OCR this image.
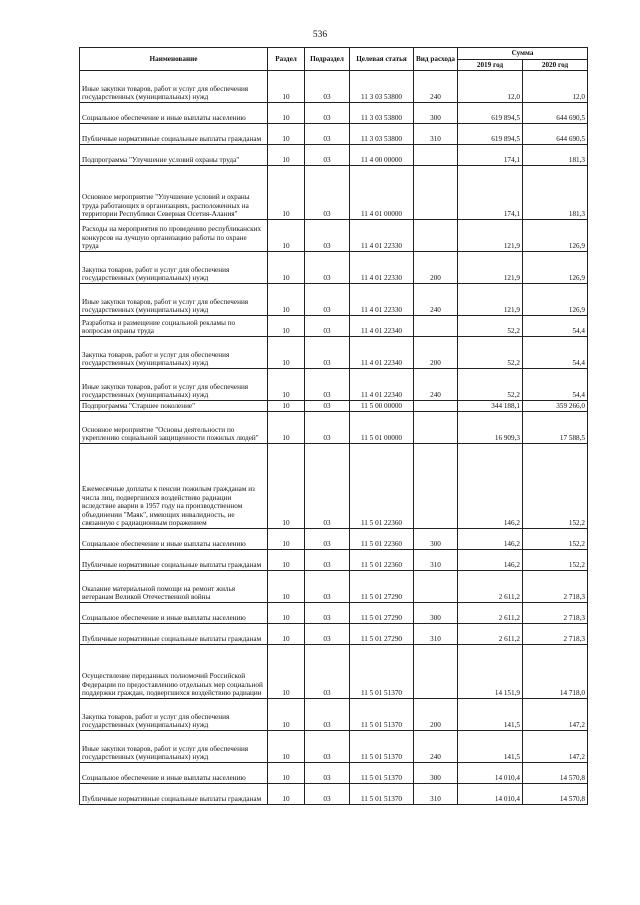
536
Наименование	Раздел	Подраздел	Целевая статья	Вид расхода	Сумма	
					2019 год	2020 год
Иные закупки товаров, работ и услуг для обеспечения государственных (муниципальных) нужд	10	03	11 3 03 53800	240	12,0	12,0
Социальное обеспечение и иные выплаты населению	10	03	11 3 03 53800	300	619 894,5	644 690,5
Публичные нормативные социальные выплаты гражданам	10	03	11 3 03 53800	310	619 894,5	644 690,5
Подпрограмма "Улучшение условий охраны труда"	10	03	11 4 00 00000		174,1	181,3
Основное мероприятие "Улучшение условий и охраны труда работающих в организациях, расположенных на территории Республики Северная Осетия-Алания"	10	03	11 4 01 00000		174,1	181,3
Расходы на мероприятия по проведению республиканских конкурсов на лучшую организацию работы по охране труда	10	03	11 4 01 22330		121,9	126,9
Закупка товаров, работ и услуг для обеспечения государственных (муниципальных) нужд	10	03	11 4 01 22330	200	121,9	126,9
Иные закупки товаров, работ и услуг для обеспечения государственных (муниципальных) нужд	10	03	11 4 01 22330	240	121,9	126,9
Разработка и размещение социальной рекламы по вопросам охраны труда	10	03	11 4 01 22340		52,2	54,4
Закупка товаров, работ и услуг для обеспечения государственных (муниципальных) нужд	10	03	11 4 01 22340	200	52,2	54,4
Иные закупки товаров, работ и услуг для обеспечения государственных (муниципальных) нужд	10	03	11 4 01 22340	240	52,2	54,4
Подпрограмма "Старшее поколение"	10	03	11 5 00 00000		344 188,1	359 266,0
Основное мероприятие "Основы деятельности по укреплению социальной защищенности пожилых людей"	10	03	11 5 01 00000		16 909,3	17 588,5
Ежемесячные доплаты к пенсии пожилым гражданам из числа лиц, подвергшихся воздействию радиации вследствие аварии в 1957 году на производственном объединении "Маяк", имеющих инвалидность, не связанную с радиационным поражением	10	03	11 5 01 22360		146,2	152,2
Социальное обеспечение и иные выплаты населению	10	03	11 5 01 22360	300	146,2	152,2
Публичные нормативные социальные выплаты гражданам	10	03	11 5 01 22360	310	146,2	152,2
Оказание материальной помощи на ремонт жилья ветеранам Великой Отечественной войны	10	03	11 5 01 27290		2 611,2	2 718,3
Социальное обеспечение и иные выплаты населению	10	03	11 5 01 27290	300	2 611,2	2 718,3
Публичные нормативные социальные выплаты гражданам	10	03	11 5 01 27290	310	2 611,2	2 718,3
Осуществление переданных полномочий Российской Федерации по предоставлению отдельных мер социальной поддержки граждан, подвергшихся воздействию радиации	10	03	11 5 01 51370		14 151,9	14 718,0
Закупка товаров, работ и услуг для обеспечения государственных (муниципальных) нужд	10	03	11 5 01 51370	200	141,5	147,2
Иные закупки товаров, работ и услуг для обеспечения государственных (муниципальных) нужд	10	03	11 5 01 51370	240	141,5	147,2
Социальное обеспечение и иные выплаты населению	10	03	11 5 01 51370	300	14 010,4	14 570,8
Публичные нормативные социальные выплаты гражданам	10	03	11 5 01 51370	310	14 010,4	14 570,8
